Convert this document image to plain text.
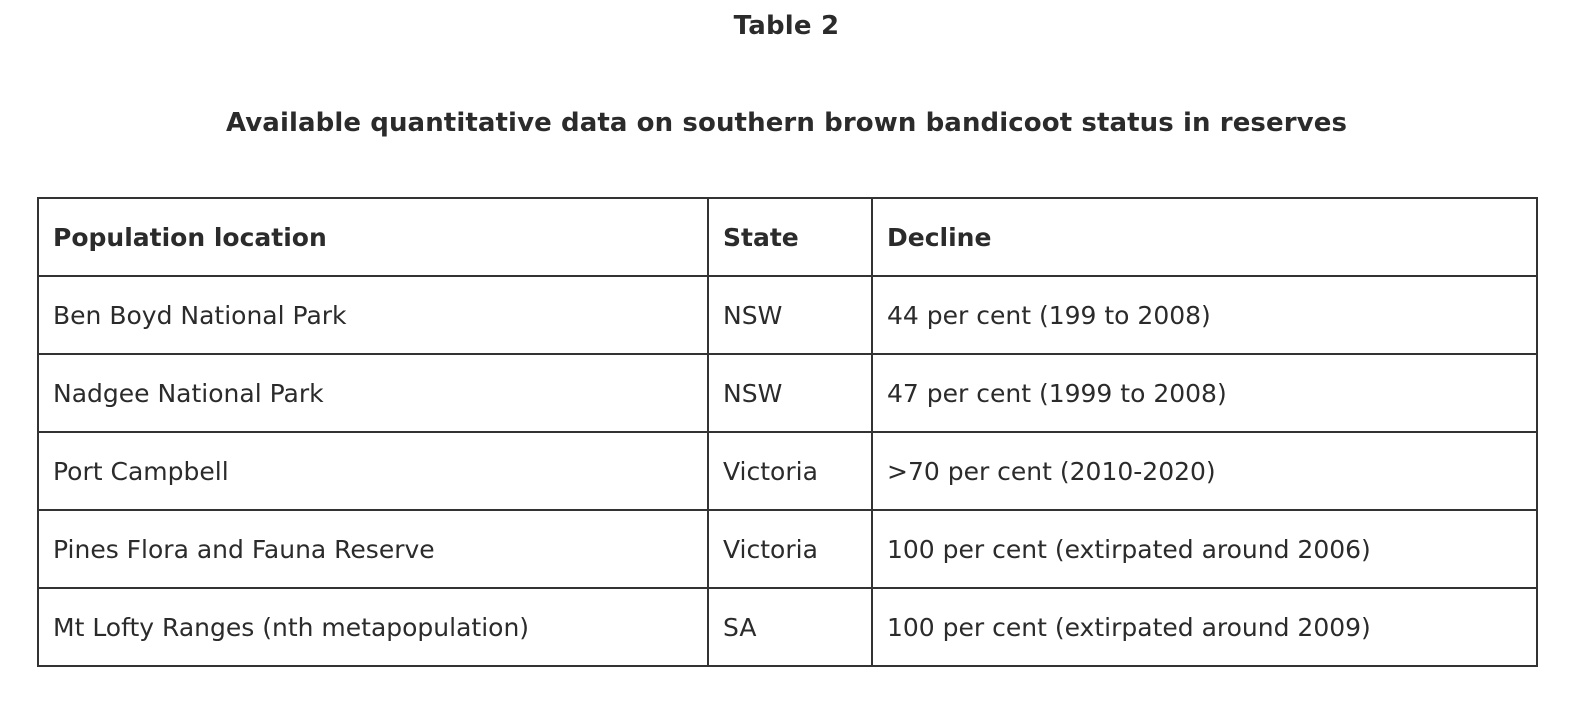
Table 2
Available quantitative data on southern brown bandicoot status in reserves
Population location	State	Decline
Ben Boyd National Park	NSW	44 per cent (199 to 2008)
Nadgee National Park	NSW	47 per cent (1999 to 2008)
Port Campbell	Victoria	>70 per cent (2010-2020)
Pines Flora and Fauna Reserve	Victoria	100 per cent (extirpated around 2006)
Mt Lofty Ranges (nth metapopulation)	SA	100 per cent (extirpated around 2009)
